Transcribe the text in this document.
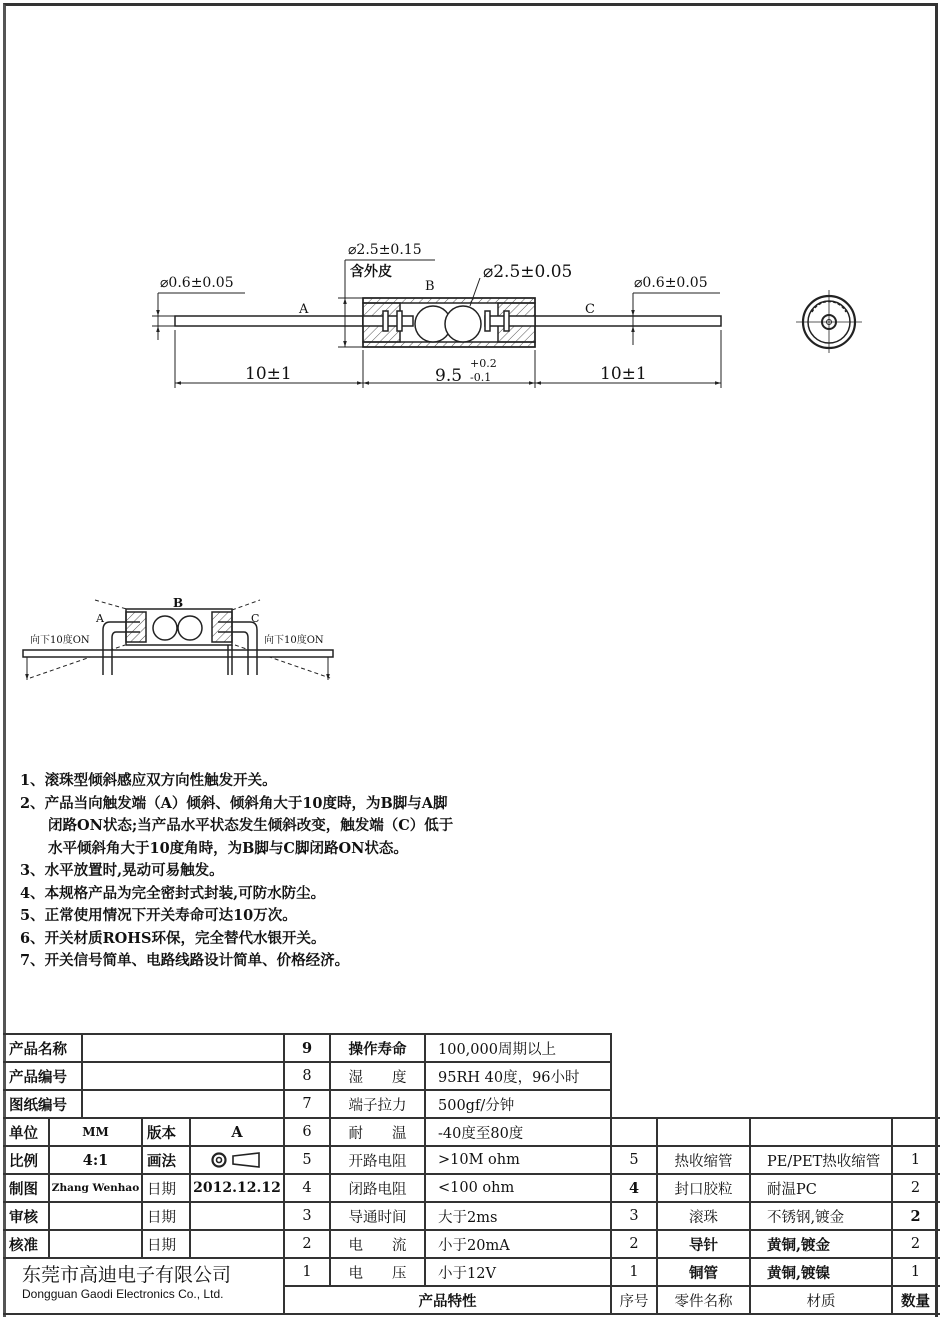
⌀0.6±0.05
⌀2.5±0.15
含外皮	⌀2.5±0.05
⌀0.6±0.05
A
B
C
10±1	9.5
+0.2
-0.1	10±1
A
B
C
向下10度ON	向下10度ON
1、滚珠型倾斜感应双方向性触发开关。
2、产品当向触发端（A）倾斜、倾斜角大于10度時，为B脚与A脚
闭路ON状态;当产品水平状态发生倾斜改变，触发端（C）低于
水平倾斜角大于10度角時，为B脚与C脚闭路ON状态。
3、水平放置时,晃动可易触发。
4、本规格产品为完全密封式封装,可防水防尘。
5、正常使用情况下开关寿命可达10万次。
6、开关材质ROHS环保，完全替代水银开关。
7、开关信号简单、电路线路设计简单、价格经济。
产品名称
产品编号
图纸编号
单位	MM	版本	A
比例	4:1	画法
制图	Zhang Wenhao 日期	2012.12.12
审核	日期
核准	日期
东莞市高迪电子有限公司
Dongguan Gaodi Electronics Co., Ltd.
9	操作寿命	100,000周期以上
8	湿　　度	95RH 40度，96小时
7	端子拉力	500gf/分钟
6	耐　　温	-40度至80度
5	开路电阻	>10M ohm
4	闭路电阻	<100 ohm
3	导通时间	大于2ms
2	电　　流	小于20mA
1	电　　压	小于12V
产品特性
5	热收缩管	PE/PET热收缩管	1
4	封口胶粒	耐温PC	2
3	滚珠	不锈钢,镀金	2
2	导针	黄铜,镀金	2
1	铜管	黄铜,镀镍	1
序号	零件名称	材质	数量
